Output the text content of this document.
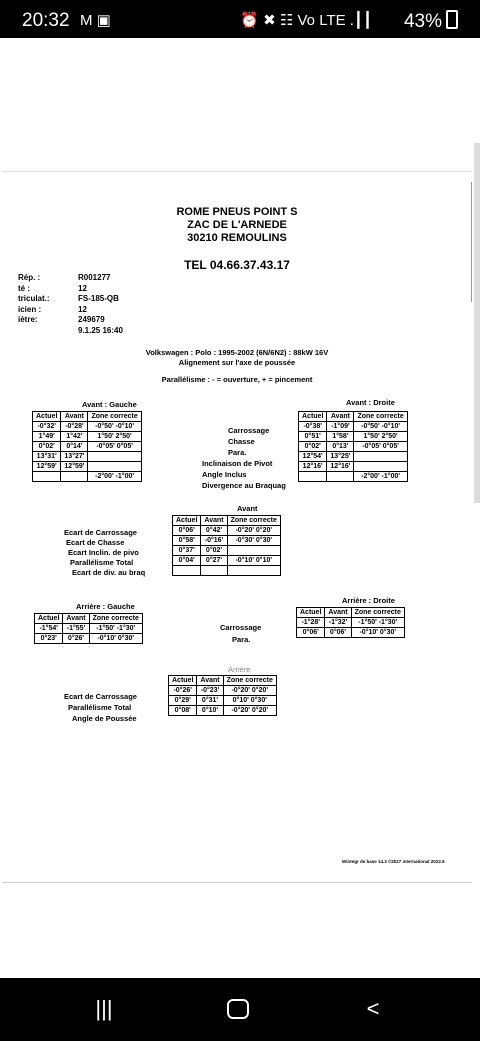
20:32 M ▣	⏰ ✖ ☷ Vo LTE .┃┃ 43%
ROME PNEUS POINT S
ZAC DE L'ARNEDE
30210 REMOULINS
TEL 04.66.37.43.17
Rép. :	R001277
té :	12
triculat.:	FS-185-QB
icien :	12
iètre:	249679
9.1.25 16:40
Volkswagen : Polo : 1995-2002 (6N/6N2) : 88kW 16V
Alignement sur l'axe de poussée
Parallélisme : - = ouverture, + = pincement
Avant : Gauche
Actuel	Avant	Zone correcte
-0°32'	-0°28'	-0°50' -0°10'
1°49'	1°42'	1°50' 2°50'
0°02'	0°14'	-0°05' 0°05'
13°31'	13°27'	
12°59'	12°59'	
		-2°00' -1°00'
Avant : Droite
Actuel	Avant	Zone correcte
-0°38'	-1°09'	-0°50' -0°10'
0°51'	1°58'	1°50' 2°50'
0°02'	0°13'	-0°05' 0°05'
12°54'	13°25'	
12°16'	12°16'	
		-2°00' -1°00'
Carrossage
Chasse
Para.
Inclinaison de Pivot
Angle Inclus
Divergence au Braquag
Avant
Ecart de Carrossage
Ecart de Chasse
Ecart Inclin. de pivo
Parallélisme Total
Ecart de div. au braq
Actuel	Avant	Zone correcte
0°06'	0°42'	-0°20' 0°20'
0°58'	-0°16'	-0°30' 0°30'
0°37'	0°02'	
0°04'	0°27'	-0°10' 0°10'

Arrière : Gauche
Actuel	Avant	Zone correcte
-1°54'	-1°55'	-1°50' -1°30'
0°23'	0°26'	-0°10' 0°30'
Arrière : Droite
Actuel	Avant	Zone correcte
-1°28'	-1°32'	-1°50' -1°30'
0°06'	0°06'	-0°10' 0°30'
Carrossage
Para.
Arrière
Ecart de Carrossage
Parallélisme Total
Angle de Poussée
Actuel	Avant	Zone correcte
-0°26'	-0°23'	-0°20' 0°20'
0°29'	0°31'	0°10' 0°30'
0°08'	0°10'	-0°20' 0°20'
Wintegr de base 14.3 ©2027 international 2022.6
|||	<
